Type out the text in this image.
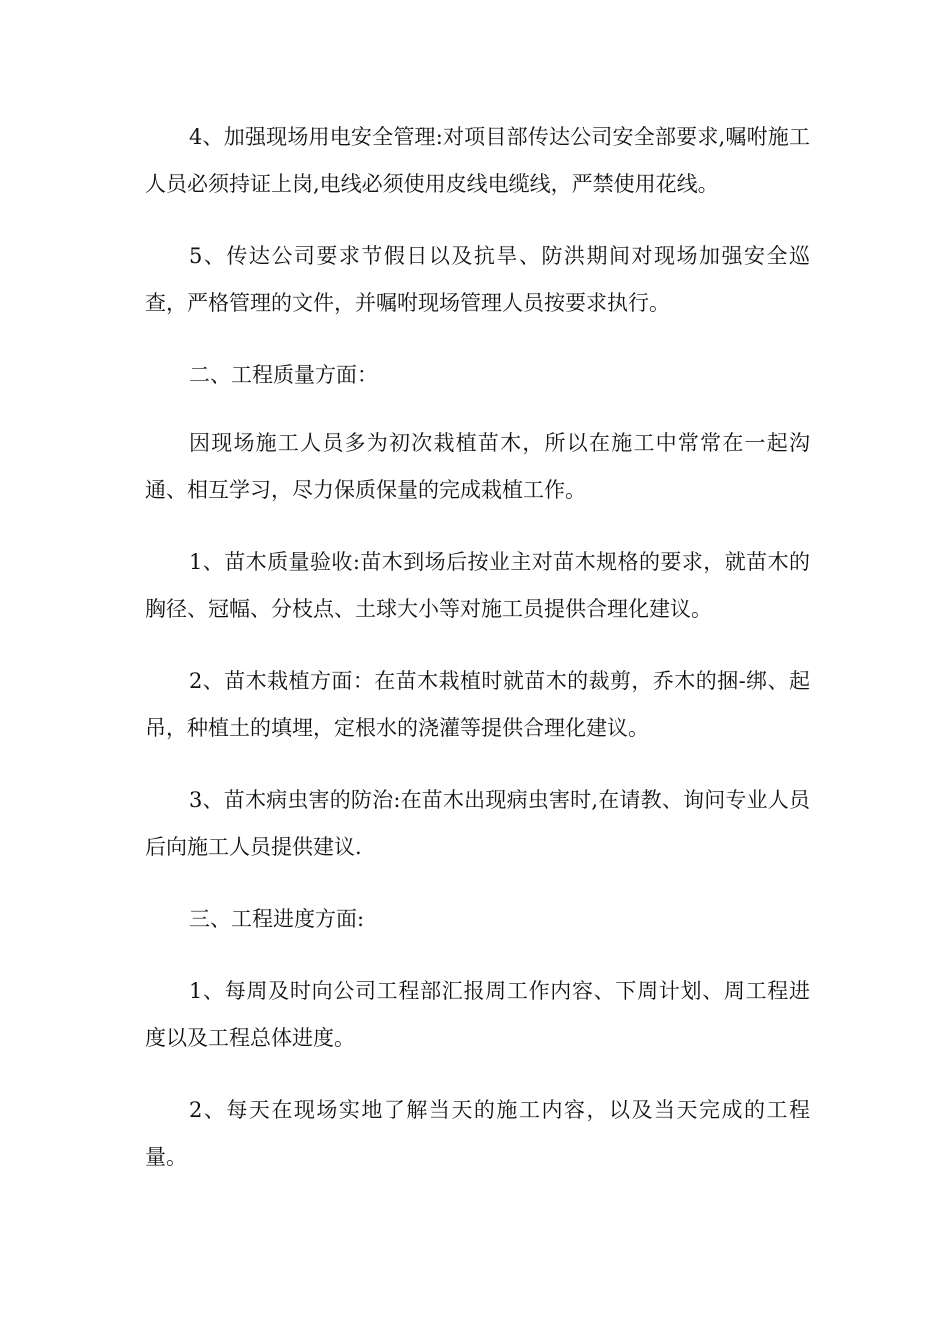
4、加强现场用电安全管理:对项目部传达公司安全部要求,嘱咐施工人员必须持证上岗,电线必须使用皮线电缆线，严禁使用花线。

5、传达公司要求节假日以及抗旱、防洪期间对现场加强安全巡查，严格管理的文件，并嘱咐现场管理人员按要求执行。

二、工程质量方面：

因现场施工人员多为初次栽植苗木，所以在施工中常常在一起沟通、相互学习，尽力保质保量的完成栽植工作。

1、苗木质量验收:苗木到场后按业主对苗木规格的要求，就苗木的胸径、冠幅、分枝点、土球大小等对施工员提供合理化建议。

2、苗木栽植方面：在苗木栽植时就苗木的裁剪，乔木的捆-绑、起吊，种植土的填埋，定根水的浇灌等提供合理化建议。

3、苗木病虫害的防治:在苗木出现病虫害时,在请教、询问专业人员后向施工人员提供建议.

三、工程进度方面:

1、每周及时向公司工程部汇报周工作内容、下周计划、周工程进度以及工程总体进度。

2、每天在现场实地了解当天的施工内容，以及当天完成的工程量。
